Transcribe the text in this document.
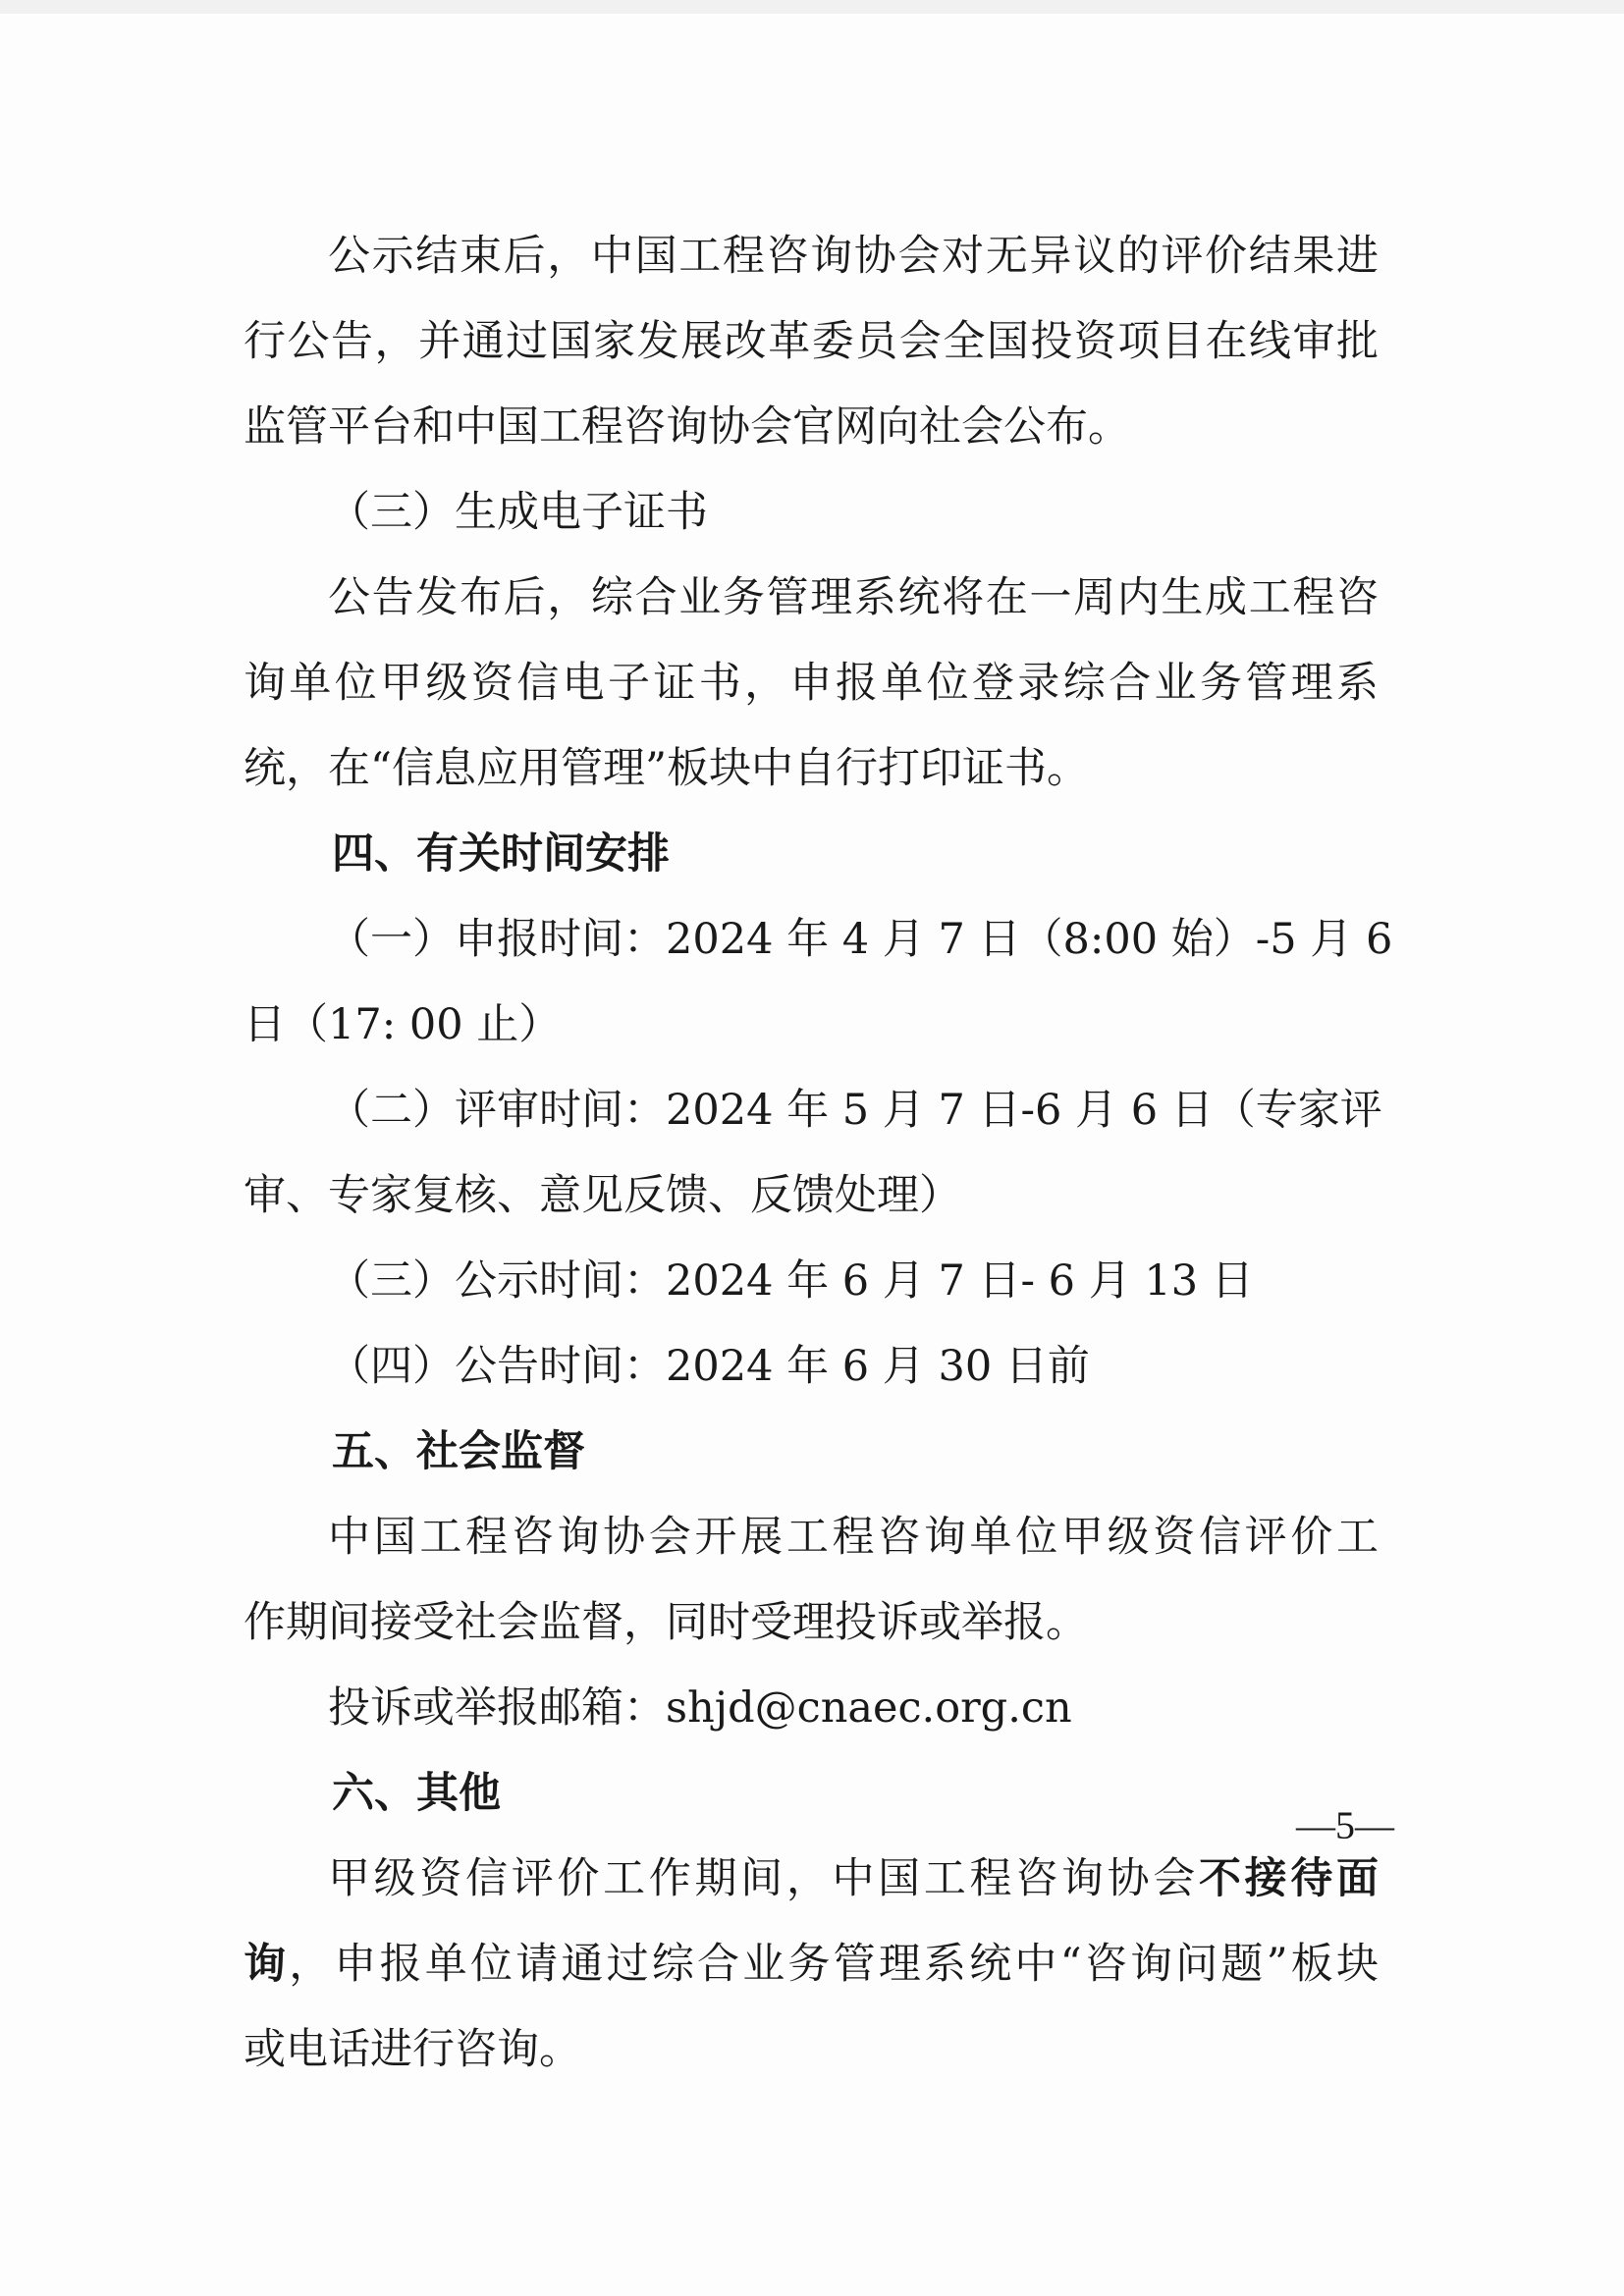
公示结束后，中国工程咨询协会对无异议的评价结果进
行公告，并通过国家发展改革委员会全国投资项目在线审批
监管平台和中国工程咨询协会官网向社会公布。
（三）生成电子证书
公告发布后，综合业务管理系统将在一周内生成工程咨
询单位甲级资信电子证书，申报单位登录综合业务管理系
统，在“信息应用管理”板块中自行打印证书。
四、有关时间安排
（一）申报时间：2024 年 4 月 7 日（8:00 始）-5 月 6
日（17: 00 止）
（二）评审时间：2024 年 5 月 7 日-6 月 6 日（专家评
审、专家复核、意见反馈、反馈处理）
（三）公示时间：2024 年 6 月 7 日- 6 月 13 日
（四）公告时间：2024 年 6 月 30 日前
五、社会监督
中国工程咨询协会开展工程咨询单位甲级资信评价工
作期间接受社会监督，同时受理投诉或举报。
投诉或举报邮箱：shjd@cnaec.org.cn
六、其他
甲级资信评价工作期间，中国工程咨询协会不接待面
询，申报单位请通过综合业务管理系统中“咨询问题”板块
或电话进行咨询。
—5—
